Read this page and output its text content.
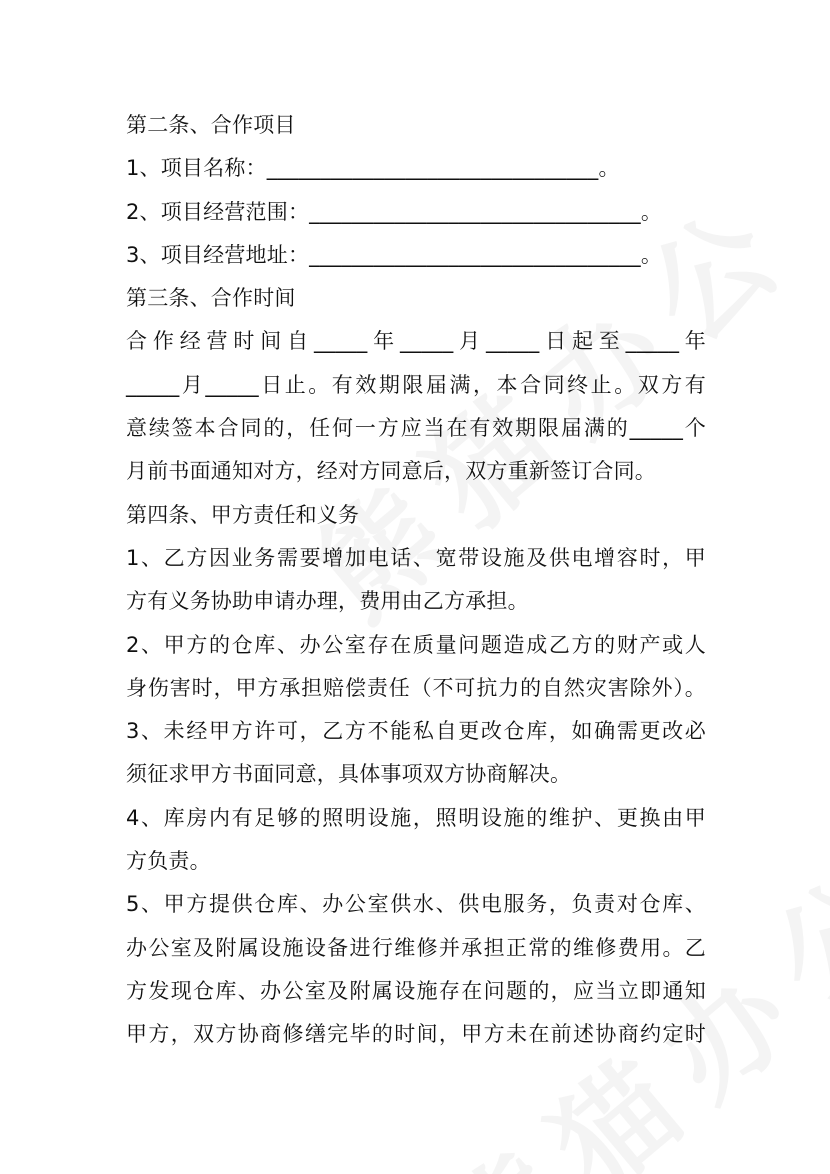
第二条、合作项目
1、项目名称：_______________________________。
2、项目经营范围：_______________________________。
3、项目经营地址：_______________________________。
第三条、合作时间
合作经营时间自_____年_____月_____日起至_____年
_____月_____日止。有效期限届满，本合同终止。双方有
意续签本合同的，任何一方应当在有效期限届满的_____个
月前书面通知对方，经对方同意后，双方重新签订合同。
第四条、甲方责任和义务
1、乙方因业务需要增加电话、宽带设施及供电增容时，甲
方有义务协助申请办理，费用由乙方承担。
2、甲方的仓库、办公室存在质量问题造成乙方的财产或人
身伤害时，甲方承担赔偿责任（不可抗力的自然灾害除外）。
3、未经甲方许可，乙方不能私自更改仓库，如确需更改必
须征求甲方书面同意，具体事项双方协商解决。
4、库房内有足够的照明设施，照明设施的维护、更换由甲
方负责。
5、甲方提供仓库、办公室供水、供电服务，负责对仓库、
办公室及附属设施设备进行维修并承担正常的维修费用。乙
方发现仓库、办公室及附属设施存在问题的，应当立即通知
甲方，双方协商修缮完毕的时间，甲方未在前述协商约定时
